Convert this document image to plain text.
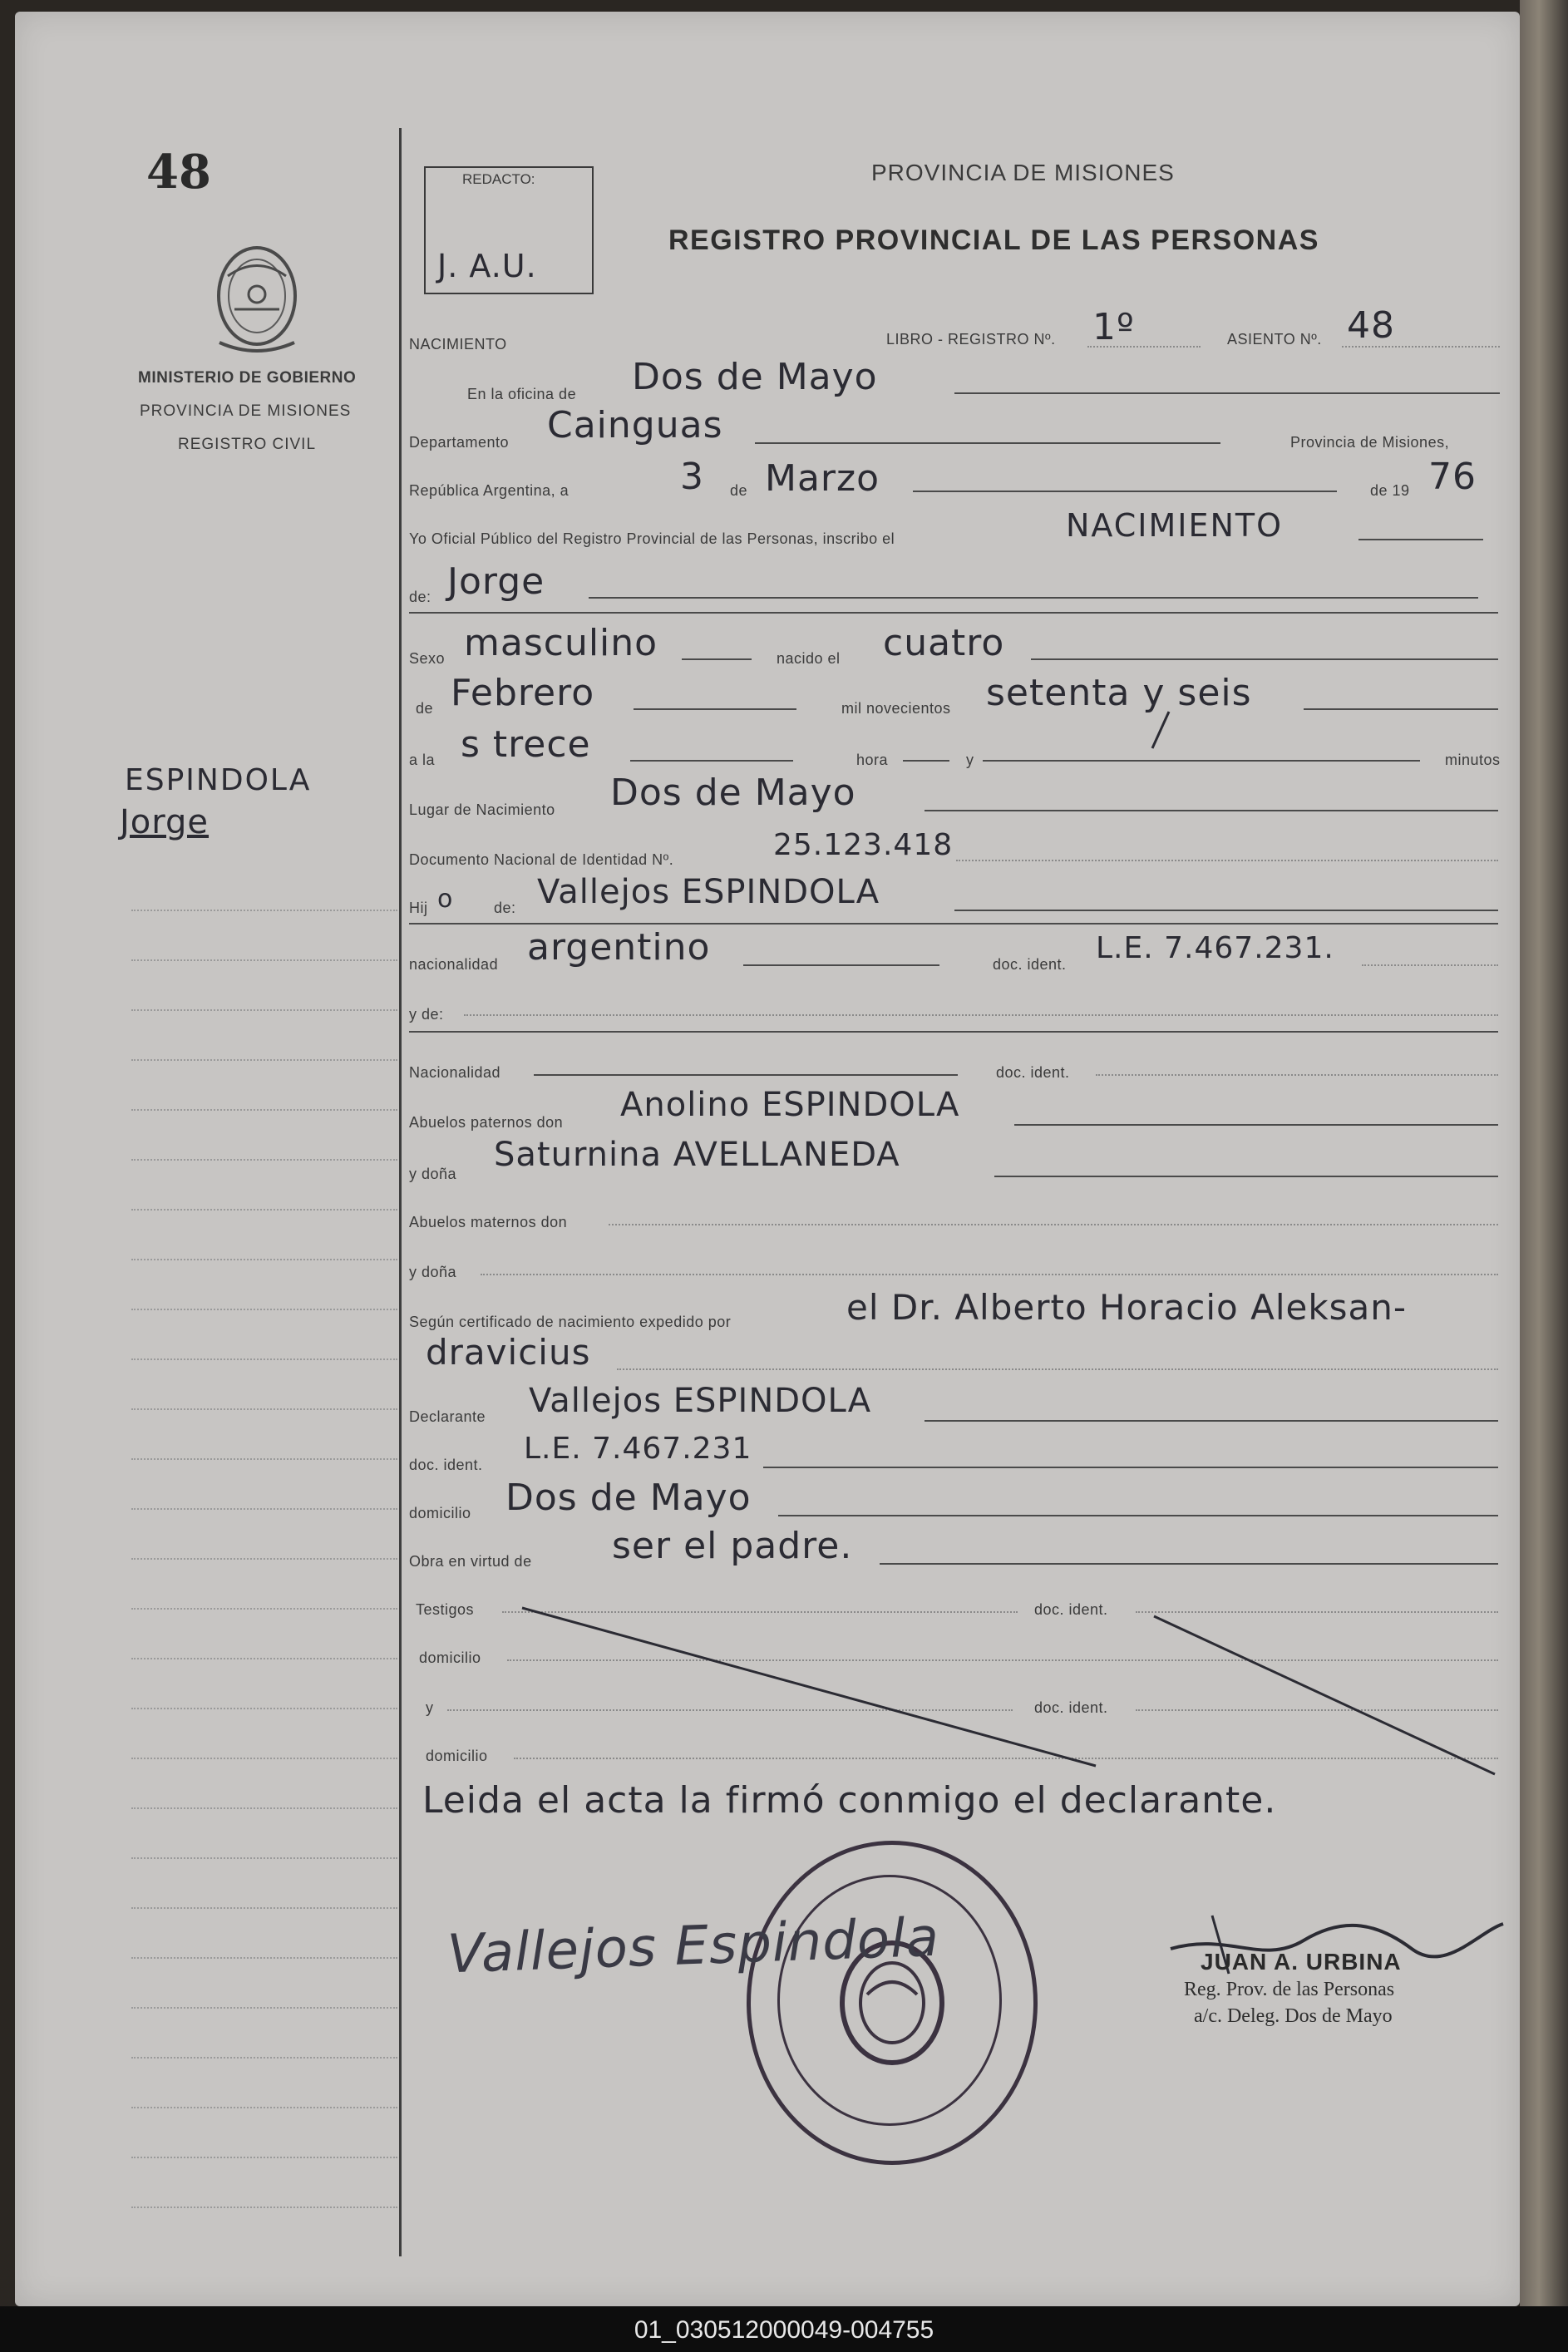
48
MINISTERIO DE GOBIERNO
PROVINCIA DE MISIONES
REGISTRO CIVIL
ESPINDOLA
Jorge
REDACTO:
J. A.U.
PROVINCIA DE MISIONES
REGISTRO PROVINCIAL DE LAS PERSONAS
NACIMIENTO	LIBRO - REGISTRO Nº. 1º	ASIENTO Nº. 48
En la oficina de Dos de Mayo
Departamento Cainguas	Provincia de Misiones,
República Argentina, a	3 de Marzo	de 19 76
Yo Oficial Público del Registro Provincial de las Personas, inscribo el	NACIMIENTO
de: Jorge
Sexo masculino	nacido el cuatro
de Febrero	mil novecientos setenta y seis
a la s trece	hora	y	minutos
Lugar de Nacimiento Dos de Mayo
Documento Nacional de Identidad Nº.	25.123.418
Hij o	de: Vallejos ESPINDOLA
nacionalidad argentino	doc. ident. L.E. 7.467.231.
y de:
Nacionalidad	doc. ident.
Abuelos paternos don Anolino ESPINDOLA
y doña Saturnina AVELLANEDA
Abuelos maternos don
y doña
Según certificado de nacimiento expedido por	el Dr. Alberto Horacio Aleksan-
dravicius
Declarante Vallejos ESPINDOLA
doc. ident. L.E. 7.467.231
domicilio Dos de Mayo
Obra en virtud de ser el padre.
Testigos	doc. ident.
domicilio
y	doc. ident.
domicilio
Leida el acta la firmó conmigo el declarante.
Vallejos Espindola	JUAN A. URBINA
Reg. Prov. de las Personas
a/c. Deleg. Dos de Mayo
01_030512000049-004755
